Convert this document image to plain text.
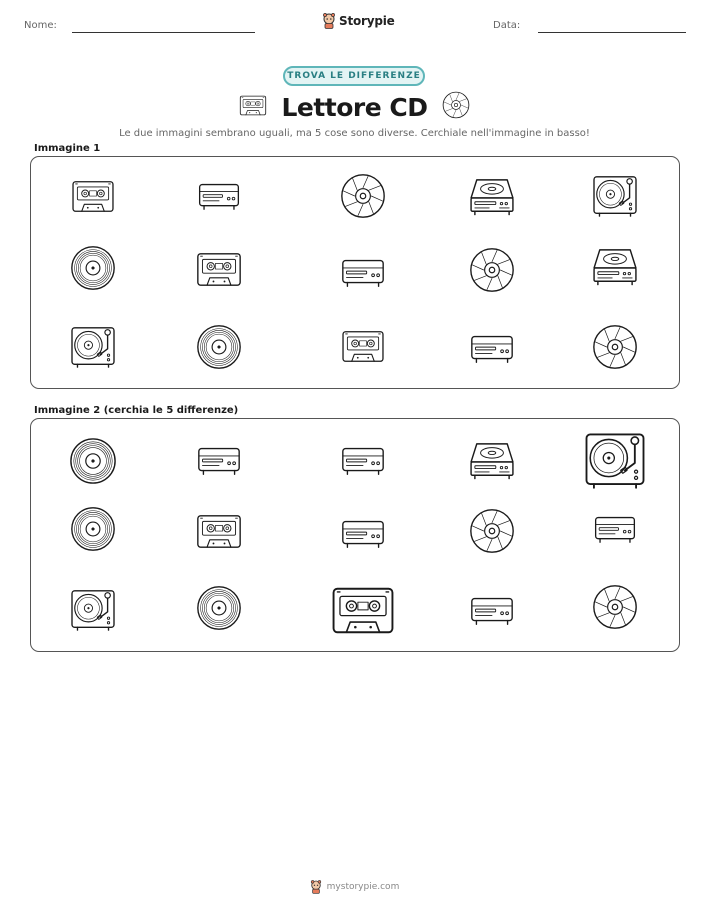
Nome:	Storypie	Data:
TROVA LE DIFFERENZE
Lettore CD
Le due immagini sembrano uguali, ma 5 cose sono diverse. Cerchiale nell'immagine in basso!
Immagine 1
Immagine 2 (cerchia le 5 differenze)
mystorypie.com
